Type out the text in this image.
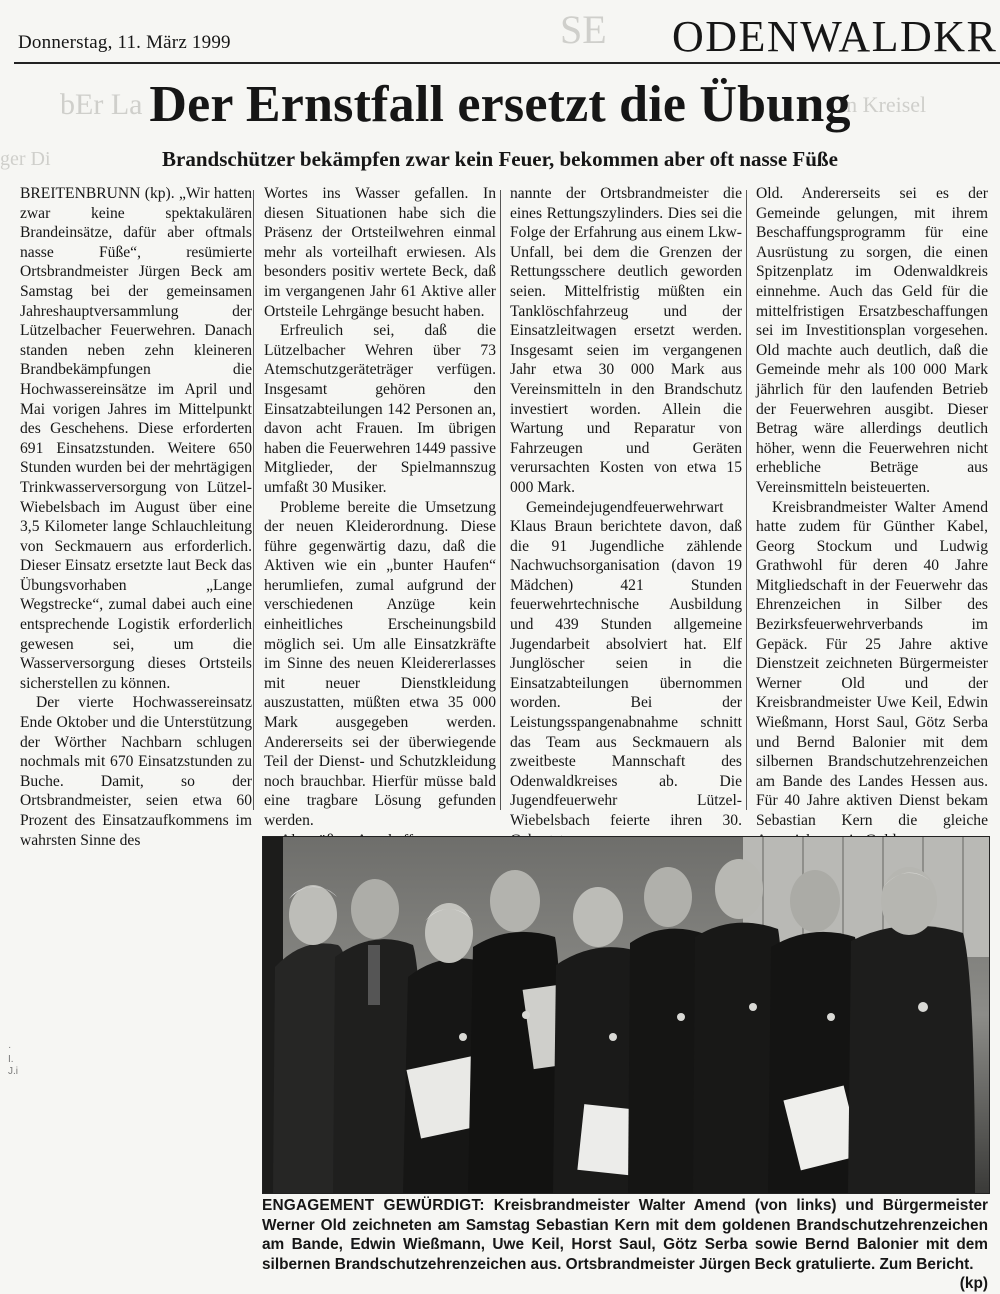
SE
bEr La	in Kreisel
ger Di
Donnerstag, 11. März 1999	ODENWALDKR
Der Ernstfall ersetzt die Übung
Brandschützer bekämpfen zwar kein Feuer, bekommen aber oft nasse Füße

BREITENBRUNN (kp). „Wir hatten zwar keine spektakulären Brandeinsätze, dafür aber oftmals nasse Füße“, resümierte Ortsbrandmeister Jürgen Beck am Samstag bei der gemeinsamen Jahreshauptversammlung der Lützelbacher Feuerwehren. Danach standen neben zehn kleineren Brandbekämpfungen die Hochwassereinsätze im April und Mai vorigen Jahres im Mittelpunkt des Geschehens. Diese erforderten 691 Einsatzstunden. Weitere 650 Stunden wurden bei der mehrtägigen Trinkwasserversorgung von Lützel-Wiebelsbach im August über eine 3,5 Kilometer lange Schlauchleitung von Seckmauern aus erforderlich. Dieser Einsatz ersetzte laut Beck das Übungsvorhaben „Lange Wegstrecke“, zumal dabei auch eine entsprechende Logistik erforderlich gewesen sei, um die Wasserversorgung dieses Ortsteils sicherstellen zu können.

Der vierte Hochwassereinsatz Ende Oktober und die Unterstützung der Wörther Nachbarn schlugen nochmals mit 670 Einsatzstunden zu Buche. Damit, so der Ortsbrandmeister, seien etwa 60 Prozent des Einsatzaufkommens im wahrsten Sinne des

Wortes ins Wasser gefallen. In diesen Situationen habe sich die Präsenz der Ortsteilwehren einmal mehr als vorteilhaft erwiesen. Als besonders positiv wertete Beck, daß im vergangenen Jahr 61 Aktive aller Ortsteile Lehrgänge besucht haben.

Erfreulich sei, daß die Lützelbacher Wehren über 73 Atemschutzgeräteträger verfügen. Insgesamt gehören den Einsatzabteilungen 142 Personen an, davon acht Frauen. Im übrigen haben die Feuerwehren 1449 passive Mitglieder, der Spielmannszug umfaßt 30 Musiker.

Probleme bereite die Umsetzung der neuen Kleiderordnung. Diese führe gegenwärtig dazu, daß die Aktiven wie ein „bunter Haufen“ herumliefen, zumal aufgrund der verschiedenen Anzüge kein einheitliches Erscheinungsbild möglich sei. Um alle Einsatzkräfte im Sinne des neuen Kleidererlasses mit neuer Dienstkleidung auszustatten, müßten etwa 35 000 Mark ausgegeben werden. Andererseits sei der überwiegende Teil der Dienst- und Schutzkleidung noch brauchbar. Hierfür müsse bald eine tragbare Lösung gefunden werden.

nannte der Ortsbrandmeister die eines Rettungszylinders. Dies sei die Folge der Erfahrung aus einem Lkw-Unfall, bei dem die Grenzen der Rettungsschere deutlich geworden seien. Mittelfristig müßten ein Tanklöschfahrzeug und der Einsatzleitwagen ersetzt werden. Insgesamt seien im vergangenen Jahr etwa 30 000 Mark aus Vereinsmitteln in den Brandschutz investiert worden. Allein die Wartung und Reparatur von Fahrzeugen und Geräten verursachten Kosten von etwa 15 000 Mark.

Gemeindejugendfeuerwehrwart Klaus Braun berichtete davon, daß die 91 Jugendliche zählende Nachwuchsorganisation (davon 19 Mädchen) 421 Stunden feuerwehrtechnische Ausbildung und 439 Stunden allgemeine Jugendarbeit absolviert hat. Elf Junglöscher seien in die Einsatzabteilungen übernommen worden. Bei der Leistungsspangenabnahme schnitt das Team aus Seckmauern als zweitbeste Mannschaft des Odenwaldkreises ab. Die Jugendfeuerwehr Lützel-Wiebelsbach feierte ihren 30.

Old. Andererseits sei es der Gemeinde gelungen, mit ihrem Beschaffungsprogramm für eine Ausrüstung zu sorgen, die einen Spitzenplatz im Odenwaldkreis einnehme. Auch das Geld für die mittelfristigen Ersatzbeschaffungen sei im Investitionsplan vorgesehen. Old machte auch deutlich, daß die Gemeinde mehr als 100 000 Mark jährlich für den laufenden Betrieb der Feuerwehren ausgibt. Dieser Betrag wäre allerdings deutlich höher, wenn die Feuerwehren nicht erhebliche Beträge aus Vereinsmitteln beisteuerten.

Kreisbrandmeister Walter Amend hatte zudem für Günther Kabel, Georg Stockum und Ludwig Grathwohl für deren 40 Jahre Mitgliedschaft in der Feuerwehr das Ehrenzeichen in Silber des Bezirksfeuerwehrverbands im Gepäck. Für 25 Jahre aktive Dienstzeit zeichneten Bürgermeister Werner Old und der Kreisbrandmeister Uwe Keil, Edwin Wießmann, Horst Saul, Götz Serba und Bernd Balonier mit dem silbernen Brandschutzehrenzeichen am Bande des Landes Hessen aus. Für 40 Jahre aktiven Dienst bekam Sebastian Kern die gleiche

·
I.
J.i
ENGAGEMENT GEWÜRDIGT: Kreisbrandmeister Walter Amend (von links) und Bürgermeister Werner Old zeichneten am Samstag Sebastian Kern mit dem goldenen Brandschutzehrenzeichen am Bande, Edwin Wießmann, Uwe Keil, Horst Saul, Götz Serba sowie Bernd Balonier mit dem silbernen Brandschutzehrenzeichen aus. Ortsbrandmeister Jürgen Beck gratulierte. Zum Bericht.
(kp)
